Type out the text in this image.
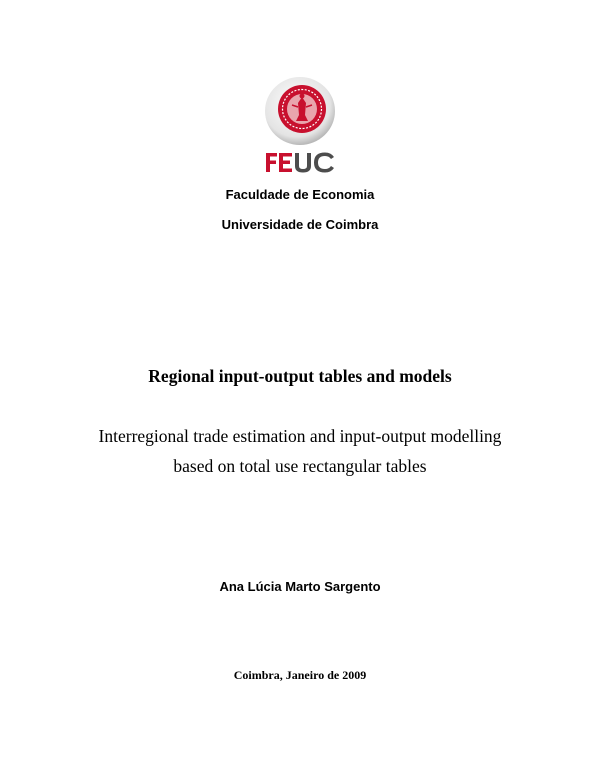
Faculdade de Economia
Universidade de Coimbra
Regional input-output tables and models
Interregional trade estimation and input-output modelling
based on total use rectangular tables
Ana Lúcia Marto Sargento
Coimbra, Janeiro de 2009
